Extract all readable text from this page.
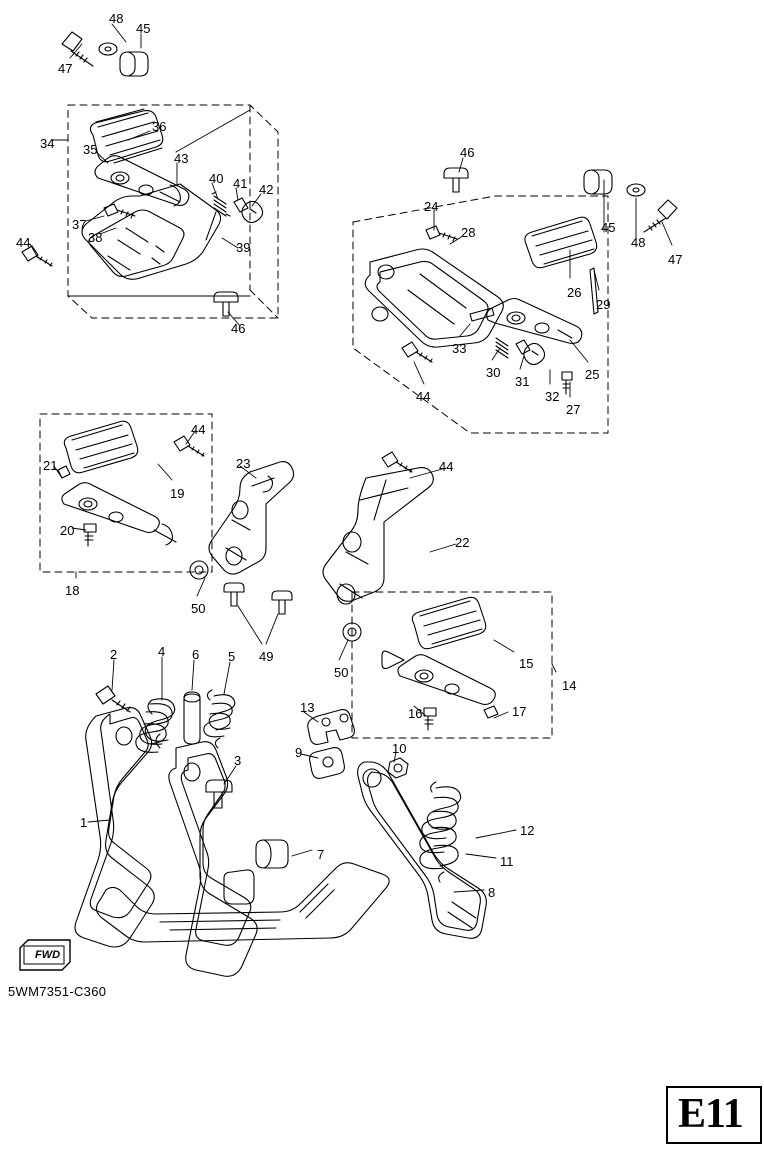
FWD
5WM7351-C360
E11
48
45
47
36
34 35
43
40 41 42
46
24
28	45
48
47
37
38
39
44
26
29
46
33
30
31
32
25
27
44
44
21
19
23	44
20
18
22
50
49
50
15
14
16	17
2	4 6 5
13
9	10
3
1
7
12
11
8
